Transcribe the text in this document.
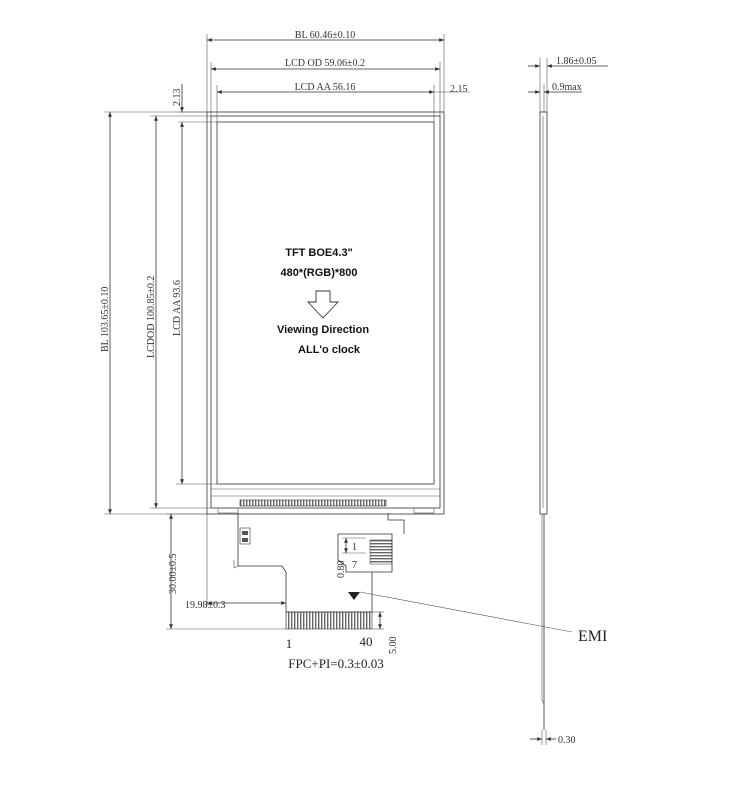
TFT BOE4.3"
480*(RGB)*800
Viewing Direction
ALL'o clock
BL 60.46±0.10
LCD OD 59.06±0.2
LCD AA 56.16	2.15
2.13
BL 103.65±0.10	LCDOD 100.85±0.2 LCD AA 93.6
1
7
0.80
EMI
1	40
FPC+PI=0.3±0.03
5.00
30.00±0.5
19.98±0.3
1.86±0.05
0.9max
0.30
